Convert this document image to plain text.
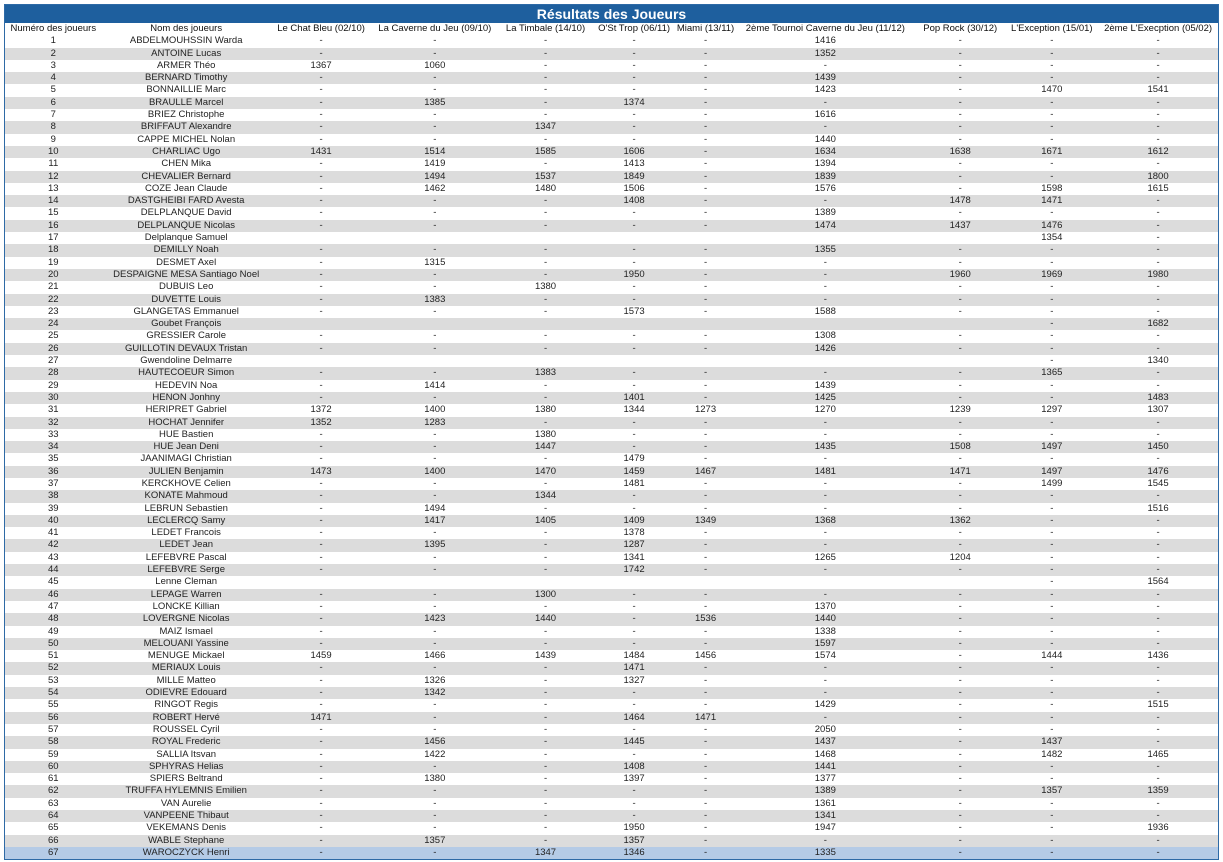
Résultats des Joueurs
Numéro des joueurs	Nom des joueurs	Le Chat Bleu (02/10)	La Caverne du Jeu (09/10)	La Timbale (14/10)	O'St Trop (06/11)	Miami (13/11)	2ème Tournoi Caverne du Jeu (11/12)	Pop Rock (30/12)	L'Exception (15/01)	2ème L'Execption (05/02)
1	ABDELMOUHSSIN Warda	-	-	-	-	-	1416	-	-	-
2	ANTOINE Lucas	-	-	-	-	-	1352	-	-	-
3	ARMER Théo	1367	1060	-	-	-	-	-	-	-
4	BERNARD Timothy	-	-	-	-	-	1439	-	-	-
5	BONNAILLIE Marc	-	-	-	-	-	1423	-	1470	1541
6	BRAULLE Marcel	-	1385	-	1374	-	-	-	-	-
7	BRIEZ Christophe	-	-	-	-	-	1616	-	-	-
8	BRIFFAUT Alexandre	-	-	1347	-	-	-	-	-	-
9	CAPPE MICHEL Nolan	-	-	-	-	-	1440	-	-	-
10	CHARLIAC Ugo	1431	1514	1585	1606	-	1634	1638	1671	1612
11	CHEN Mika	-	1419	-	1413	-	1394	-	-	-
12	CHEVALIER Bernard	-	1494	1537	1849	-	1839	-	-	1800
13	COZE Jean Claude	-	1462	1480	1506	-	1576	-	1598	1615
14	DASTGHEIBI FARD Avesta	-	-	-	1408	-	-	1478	1471	-
15	DELPLANQUE David	-	-	-	-	-	1389	-	-	-
16	DELPLANQUE Nicolas	-	-	-	-	-	1474	1437	1476	-
17	Delplanque Samuel								1354	-
18	DEMILLY Noah	-	-	-	-	-	1355	-	-	-
19	DESMET Axel	-	1315	-	-	-	-	-	-	-
20	DESPAIGNE MESA Santiago Noel	-	-	-	1950	-	-	1960	1969	1980
21	DUBUIS Leo	-	-	1380	-	-	-	-	-	-
22	DUVETTE Louis	-	1383	-	-	-	-	-	-	-
23	GLANGETAS Emmanuel	-	-	-	1573	-	1588	-	-	-
24	Goubet François								-	1682
25	GRESSIER Carole	-	-	-	-	-	1308	-	-	-
26	GUILLOTIN DEVAUX Tristan	-	-	-	-	-	1426	-	-	-
27	Gwendoline Delmarre								-	1340
28	HAUTECOEUR Simon	-	-	1383	-	-	-	-	1365	-
29	HEDEVIN Noa	-	1414	-	-	-	1439	-	-	-
30	HENON Jonhny	-	-	-	1401	-	1425	-	-	1483
31	HERIPRET Gabriel	1372	1400	1380	1344	1273	1270	1239	1297	1307
32	HOCHAT Jennifer	1352	1283	-	-	-	-	-	-	-
33	HUE Bastien	-	-	1380	-	-	-	-	-	-
34	HUE Jean Deni	-	-	1447	-	-	1435	1508	1497	1450
35	JAANIMAGI Christian	-	-	-	1479	-	-	-	-	-
36	JULIEN Benjamin	1473	1400	1470	1459	1467	1481	1471	1497	1476
37	KERCKHOVE Celien	-	-	-	1481	-	-	-	1499	1545
38	KONATE Mahmoud	-	-	1344	-	-	-	-	-	-
39	LEBRUN Sebastien	-	1494	-	-	-	-	-	-	1516
40	LECLERCQ Samy	-	1417	1405	1409	1349	1368	1362	-	-
41	LEDET Francois	-	-	-	1378	-	-	-	-	-
42	LEDET Jean	-	1395	-	1287	-	-	-	-	-
43	LEFEBVRE Pascal	-	-	-	1341	-	1265	1204	-	-
44	LEFEBVRE Serge	-	-	-	1742	-	-	-	-	-
45	Lenne Cleman								-	1564
46	LEPAGE Warren	-	-	1300	-	-	-	-	-	-
47	LONCKE Killian	-	-	-	-	-	1370	-	-	-
48	LOVERGNE Nicolas	-	1423	1440	-	1536	1440	-	-	-
49	MAIZ Ismael	-	-	-	-	-	1338	-	-	-
50	MELOUANI Yassine	-	-	-	-	-	1597	-	-	-
51	MENUGE Mickael	1459	1466	1439	1484	1456	1574	-	1444	1436
52	MERIAUX Louis	-	-	-	1471	-	-	-	-	-
53	MILLE Matteo	-	1326	-	1327	-	-	-	-	-
54	ODIEVRE Edouard	-	1342	-	-	-	-	-	-	-
55	RINGOT Regis	-	-	-	-	-	1429	-	-	1515
56	ROBERT Hervé	1471	-	-	1464	1471	-	-	-	-
57	ROUSSEL Cyril	-	-	-	-	-	2050	-	-	-
58	ROYAL Frederic	-	1456	-	1445	-	1437	-	1437	-
59	SALLIA Itsvan	-	1422	-	-	-	1468	-	1482	1465
60	SPHYRAS Helias	-	-	-	1408	-	1441	-	-	-
61	SPIERS Beltrand	-	1380	-	1397	-	1377	-	-	-
62	TRUFFA HYLEMNIS Emilien	-	-	-	-	-	1389	-	1357	1359
63	VAN Aurelie	-	-	-	-	-	1361	-	-	-
64	VANPEENE Thibaut	-	-	-	-	-	1341	-	-	-
65	VEKEMANS Denis	-	-	-	1950	-	1947	-	-	1936
66	WABLE Stephane	-	1357	-	1357	-	-	-	-	-
67	WAROCZYCK Henri	-	-	1347	1346	-	1335	-	-	-
